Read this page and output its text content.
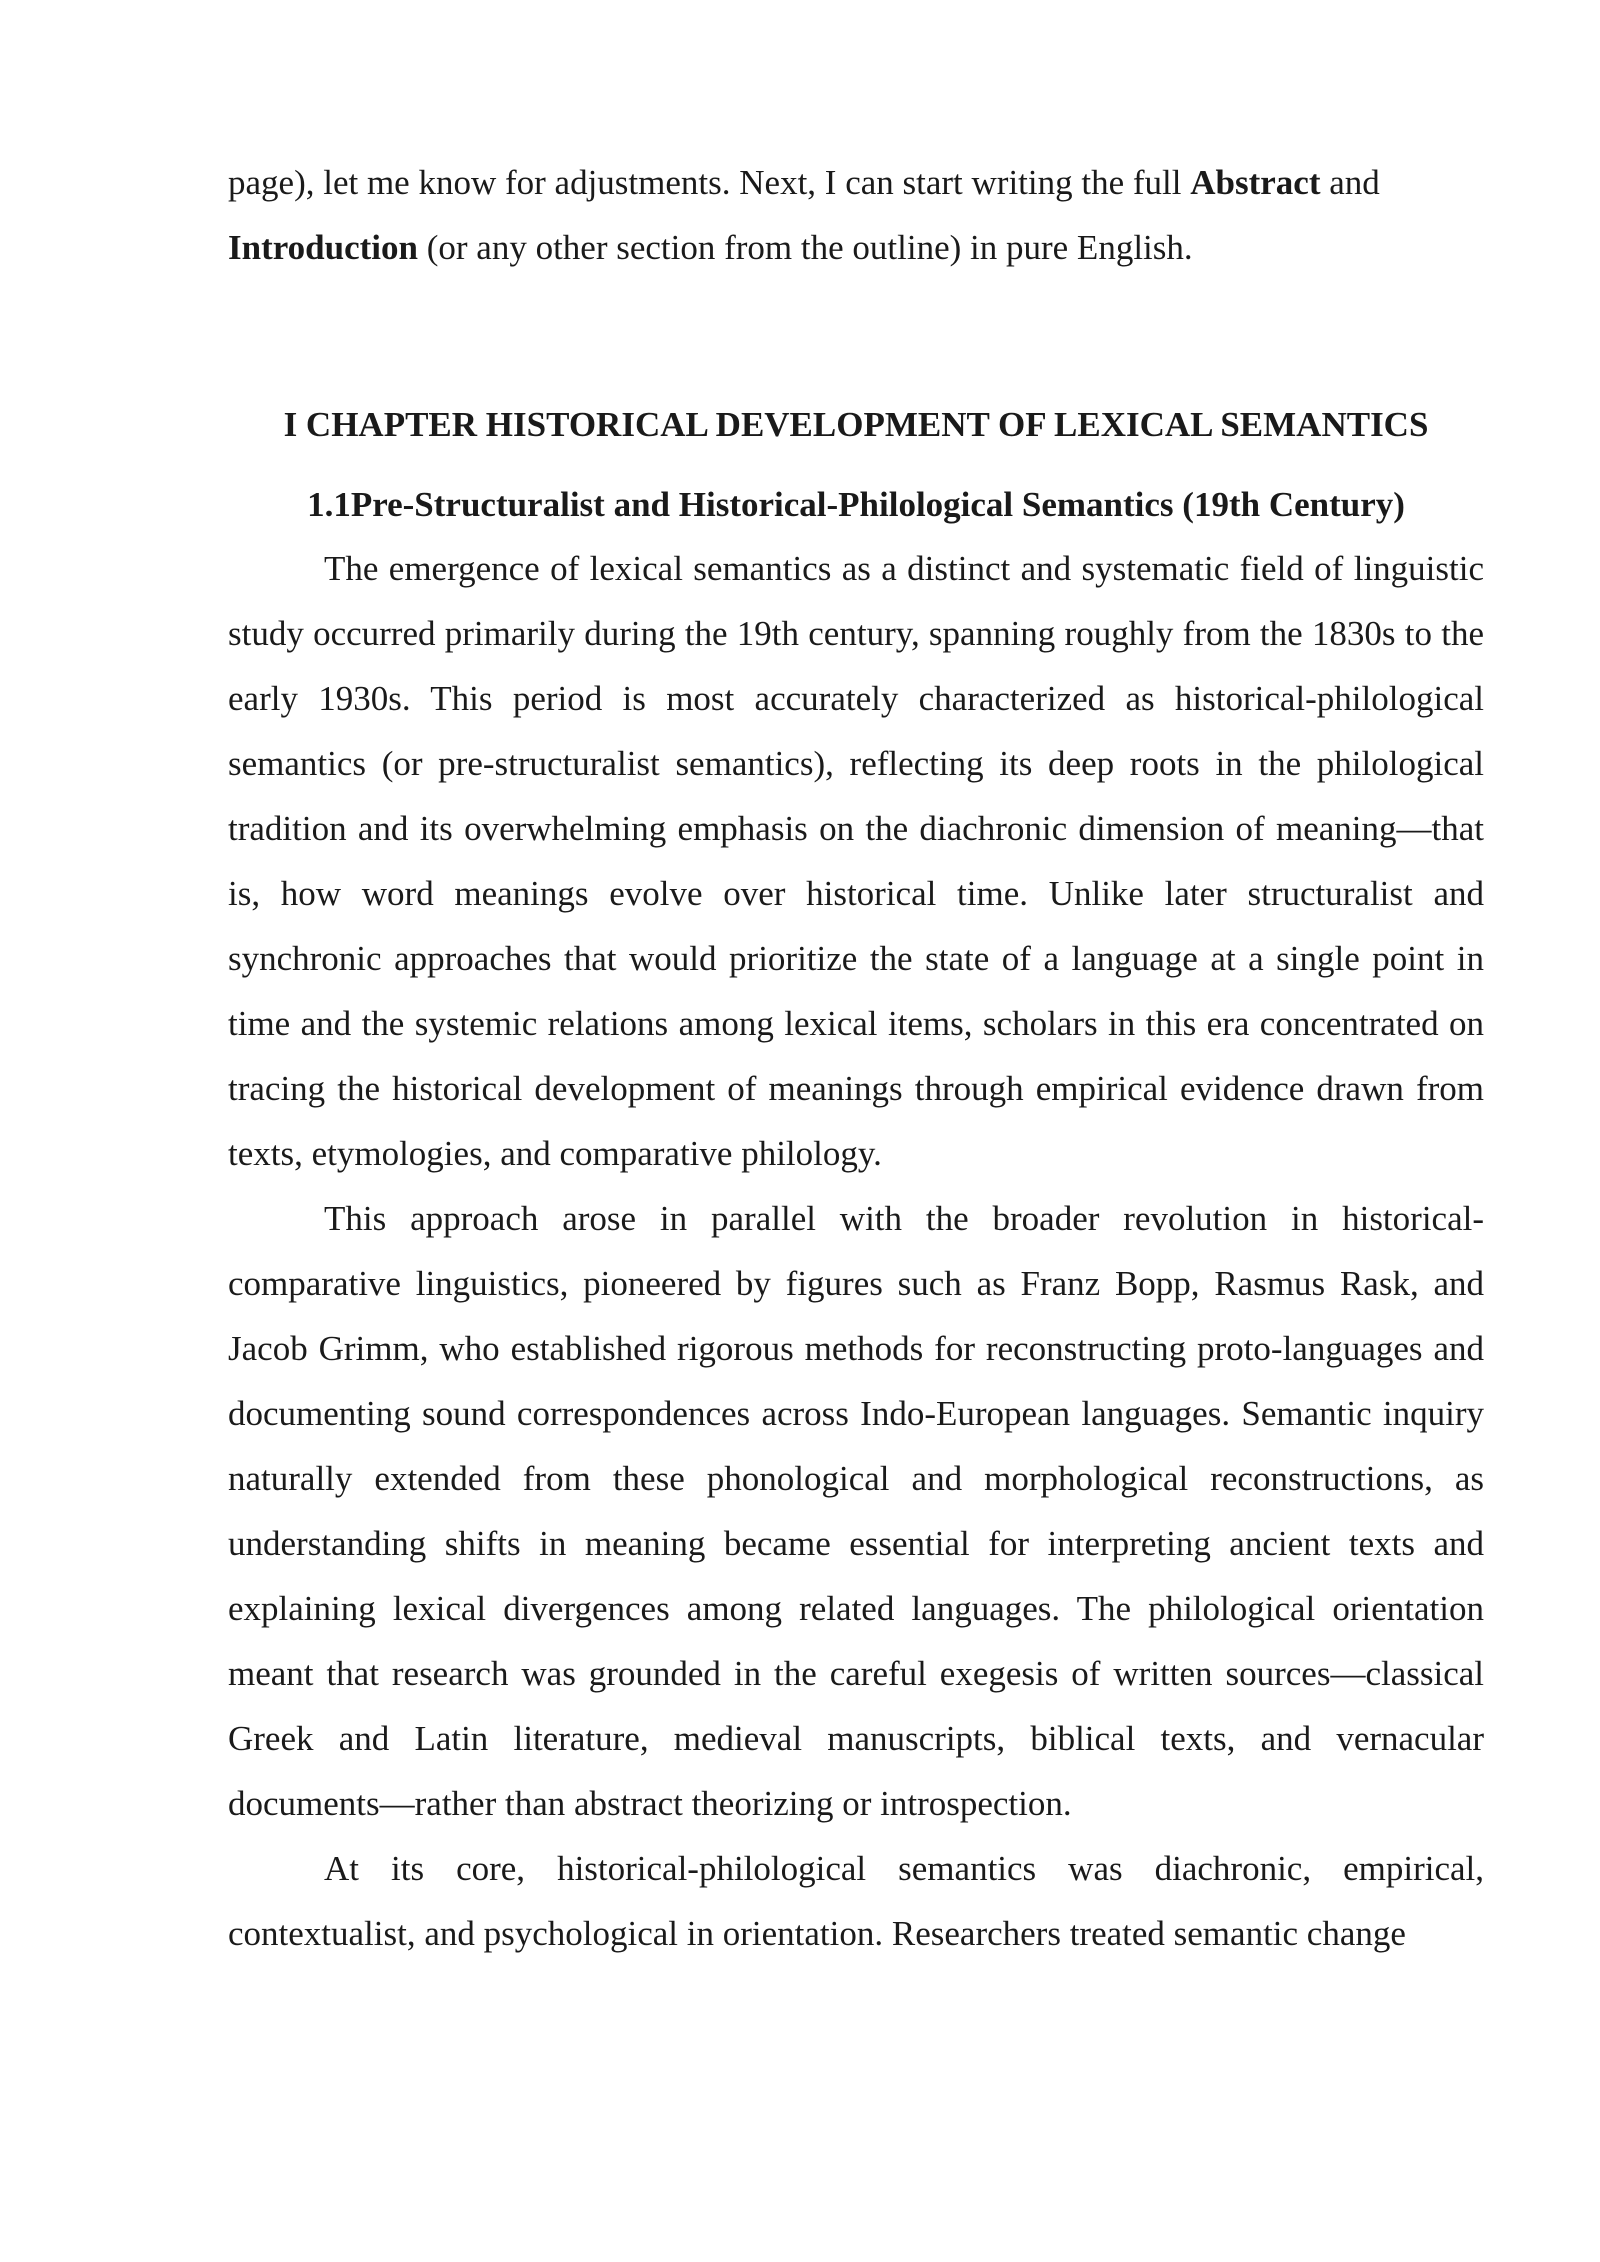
page), let me know for adjustments. Next, I can start writing the full Abstract and
Introduction (or any other section from the outline) in pure English.

I CHAPTER HISTORICAL DEVELOPMENT OF LEXICAL SEMANTICS
1.1Pre-Structuralist and Historical-Philological Semantics (19th Century)

The emergence of lexical semantics as a distinct and systematic field of linguistic study occurred primarily during the 19th century, spanning roughly from the 1830s to the early 1930s. This period is most accurately characterized as historical-philological semantics (or pre-structuralist semantics), reflecting its deep roots in the philological tradition and its overwhelming emphasis on the diachronic dimension of meaning—that is, how word meanings evolve over historical time. Unlike later structuralist and synchronic approaches that would prioritize the state of a language at a single point in time and the systemic relations among lexical items, scholars in this era concentrated on tracing the historical development of meanings through empirical evidence drawn from texts, etymologies, and comparative philology.

This approach arose in parallel with the broader revolution in historical-comparative linguistics, pioneered by figures such as Franz Bopp, Rasmus Rask, and Jacob Grimm, who established rigorous methods for reconstructing proto-languages and documenting sound correspondences across Indo-European languages. Semantic inquiry naturally extended from these phonological and morphological reconstructions, as understanding shifts in meaning became essential for interpreting ancient texts and explaining lexical divergences among related languages. The philological orientation meant that research was grounded in the careful exegesis of written sources—classical Greek and Latin literature, medieval manuscripts, biblical texts, and vernacular documents—rather than abstract theorizing or introspection.

At its core, historical-philological semantics was diachronic, empirical, contextualist, and psychological in orientation. Researchers treated semantic change
